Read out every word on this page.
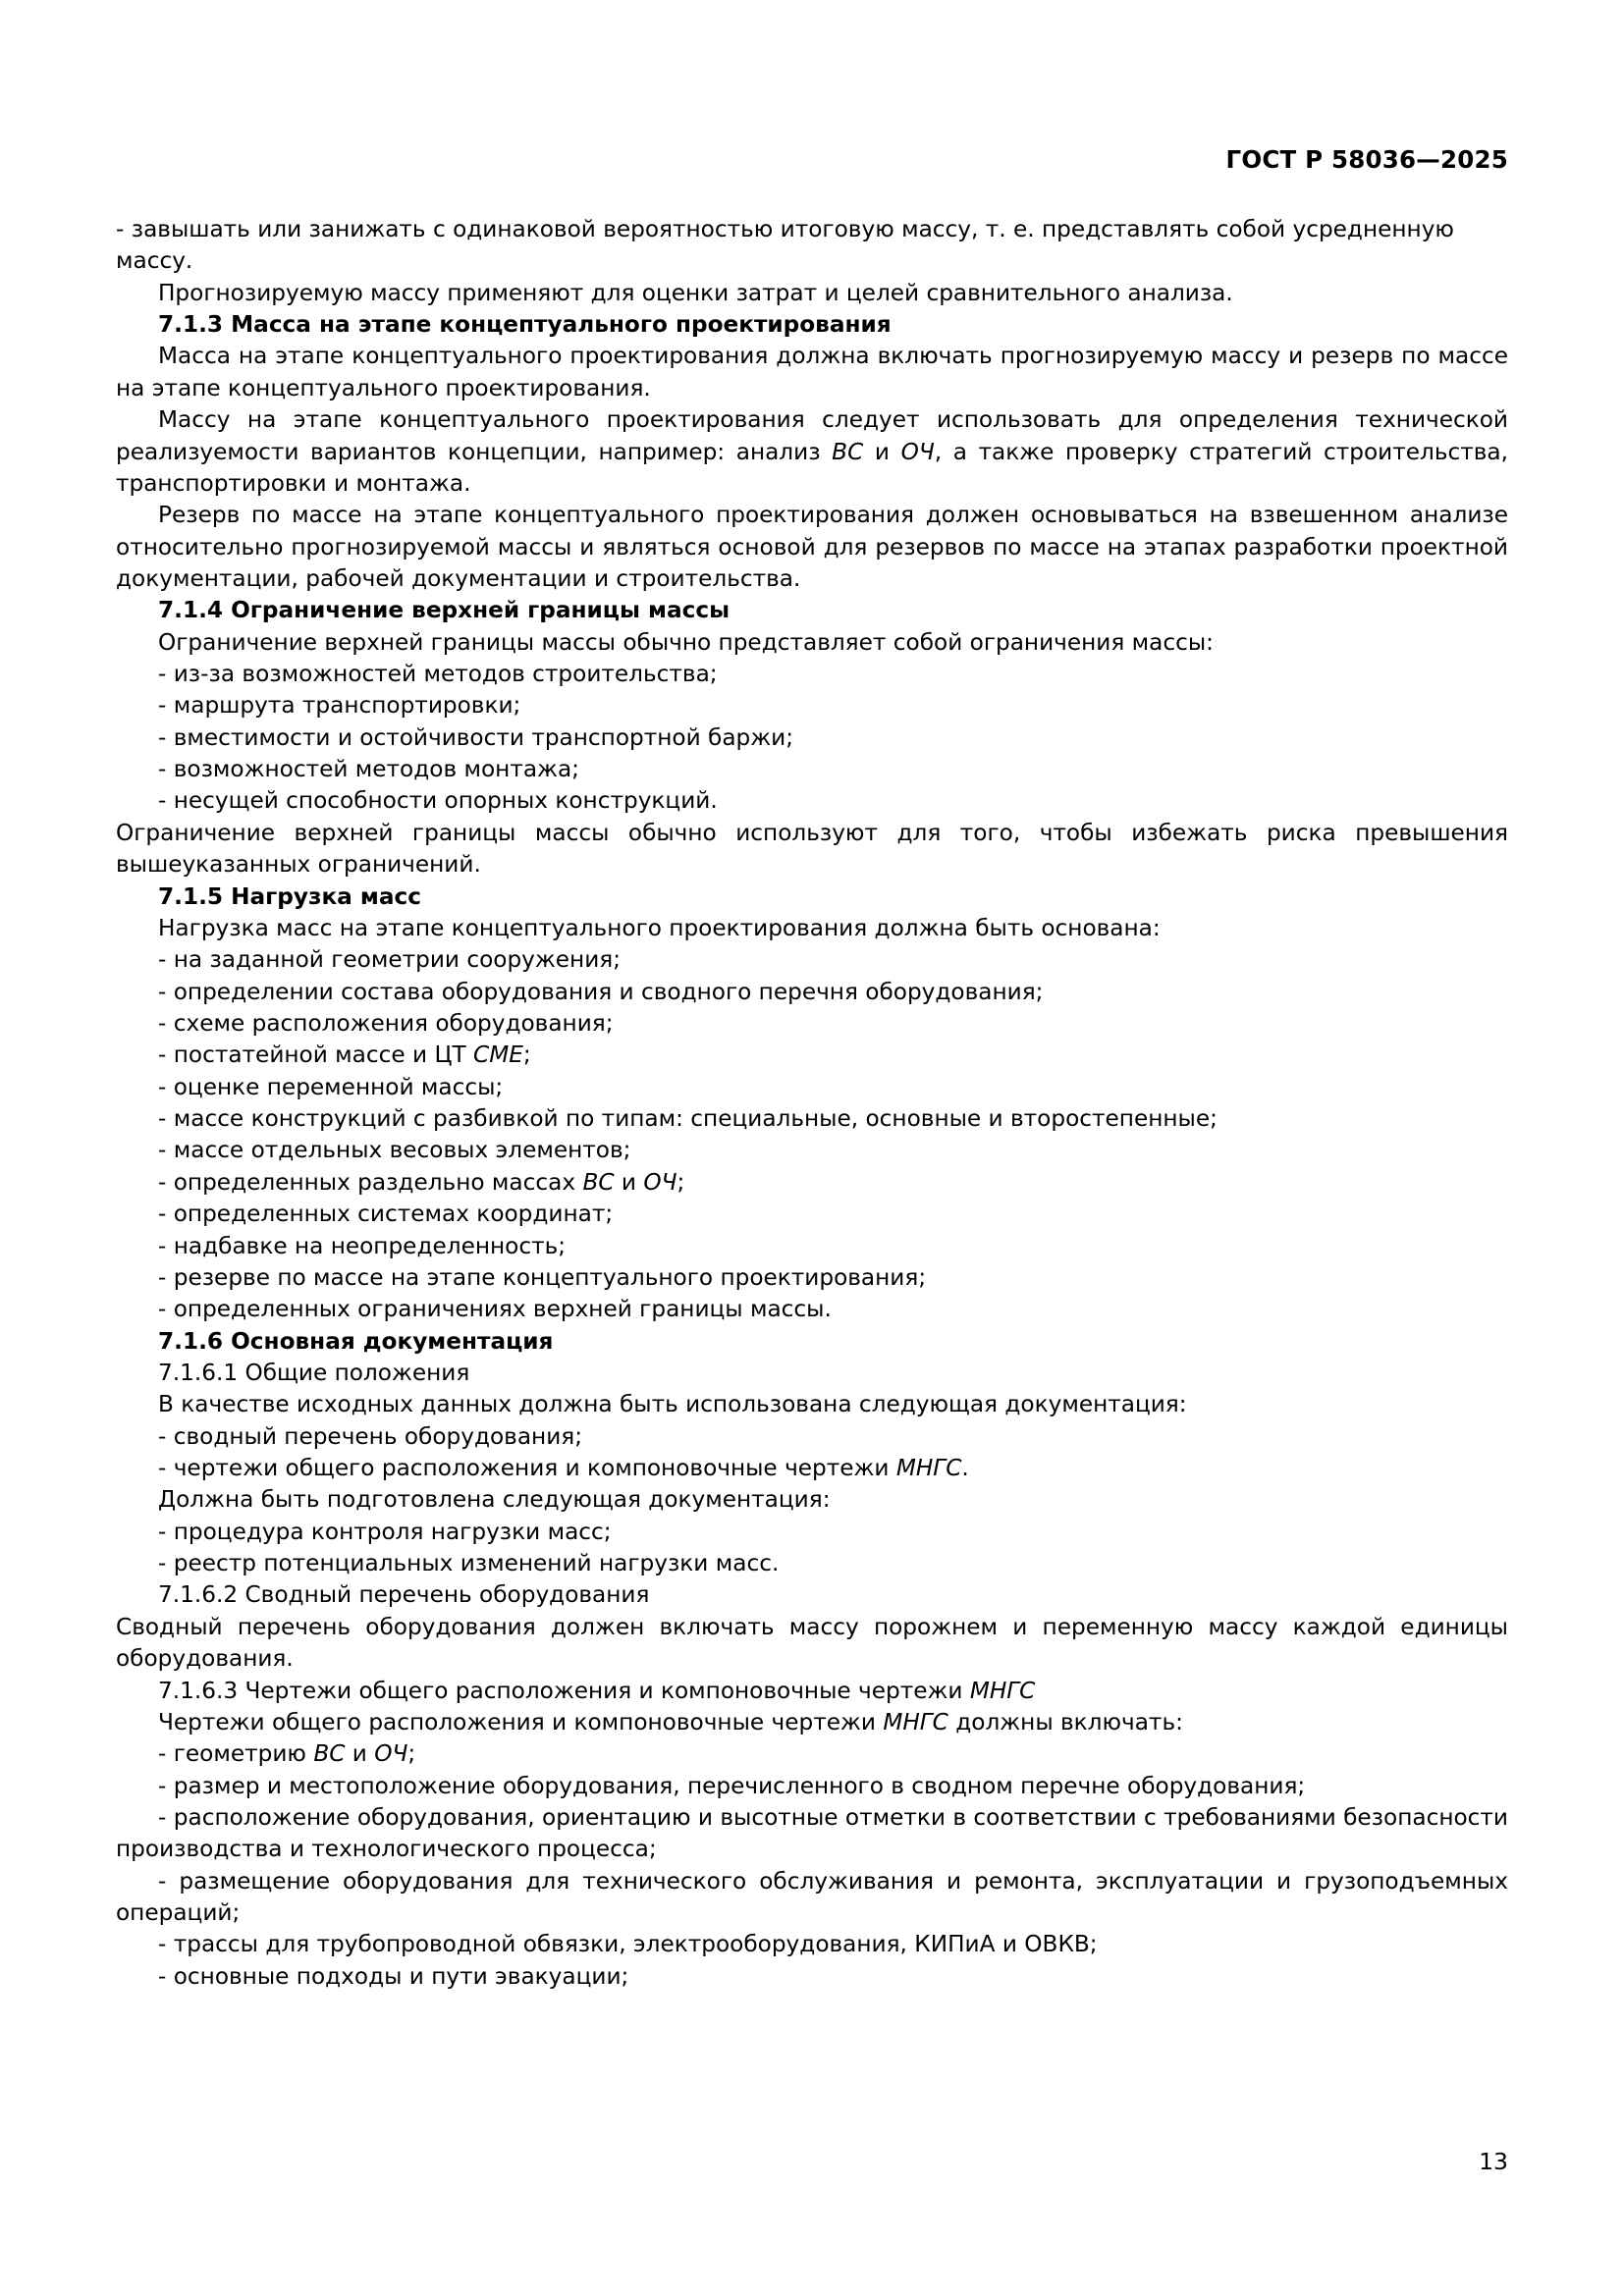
ГОСТ Р 58036—2025

- завышать или занижать с одинаковой вероятностью итоговую массу, т. е. представлять собой усредненную массу.

Прогнозируемую массу применяют для оценки затрат и целей сравнительного анализа.

7.1.3 Масса на этапе концептуального проектирования

Масса на этапе концептуального проектирования должна включать прогнозируемую массу и резерв по массе на этапе концептуального проектирования.

Массу на этапе концептуального проектирования следует использовать для определения технической реализуемости вариантов концепции, например: анализ ВС и ОЧ, а также проверку стратегий строительства, транспортировки и монтажа.

Резерв по массе на этапе концептуального проектирования должен основываться на взвешенном анализе относительно прогнозируемой массы и являться основой для резервов по массе на этапах разработки проектной документации, рабочей документации и строительства.

7.1.4 Ограничение верхней границы массы

Ограничение верхней границы массы обычно представляет собой ограничения массы:

- из-за возможностей методов строительства;

- маршрута транспортировки;

- вместимости и остойчивости транспортной баржи;

- возможностей методов монтажа;

- несущей способности опорных конструкций.

Ограничение верхней границы массы обычно используют для того, чтобы избежать риска превышения вышеуказанных ограничений.

7.1.5 Нагрузка масс

Нагрузка масс на этапе концептуального проектирования должна быть основана:

- на заданной геометрии сооружения;

- определении состава оборудования и сводного перечня оборудования;

- схеме расположения оборудования;

- постатейной массе и ЦТ СМЕ;

- оценке переменной массы;

- массе конструкций с разбивкой по типам: специальные, основные и второстепенные;

- массе отдельных весовых элементов;

- определенных раздельно массах ВС и ОЧ;

- определенных системах координат;

- надбавке на неопределенность;

- резерве по массе на этапе концептуального проектирования;

- определенных ограничениях верхней границы массы.

7.1.6 Основная документация

7.1.6.1 Общие положения

В качестве исходных данных должна быть использована следующая документация:

- сводный перечень оборудования;

- чертежи общего расположения и компоновочные чертежи МНГС.

Должна быть подготовлена следующая документация:

- процедура контроля нагрузки масс;

- реестр потенциальных изменений нагрузки масс.

7.1.6.2 Сводный перечень оборудования

Сводный перечень оборудования должен включать массу порожнем и переменную массу каждой единицы оборудования.

7.1.6.3 Чертежи общего расположения и компоновочные чертежи МНГС

Чертежи общего расположения и компоновочные чертежи МНГС должны включать:

- геометрию ВС и ОЧ;

- размер и местоположение оборудования, перечисленного в сводном перечне оборудования;

- расположение оборудования, ориентацию и высотные отметки в соответствии с требованиями безопасности производства и технологического процесса;

- размещение оборудования для технического обслуживания и ремонта, эксплуатации и грузоподъемных операций;

- трассы для трубопроводной обвязки, электрооборудования, КИПиА и ОВКВ;

- основные подходы и пути эвакуации;

13
